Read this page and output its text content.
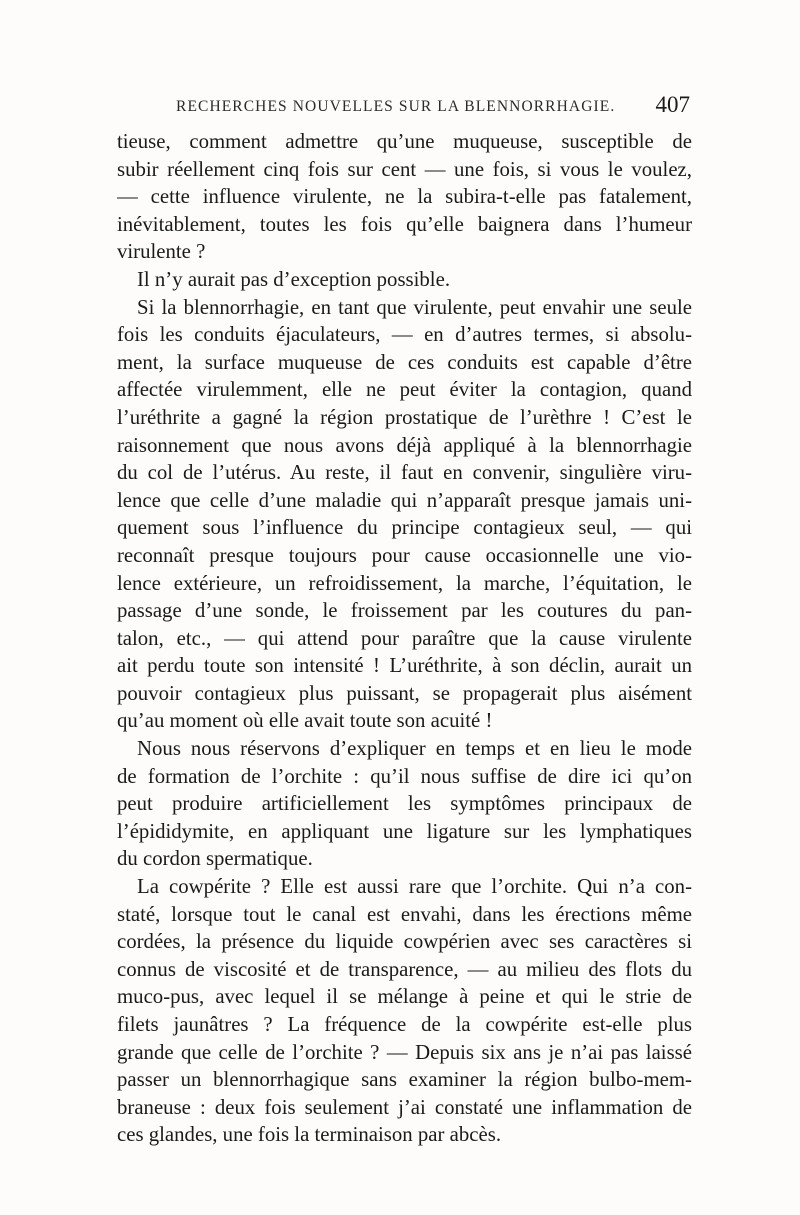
RECHERCHES NOUVELLES SUR LA BLENNORRHAGIE. 407
tieuse, comment admettre qu’une muqueuse, susceptible de
subir réellement cinq fois sur cent — une fois, si vous le voulez,
— cette influence virulente, ne la subira-t-elle pas fatalement,
inévitablement, toutes les fois qu’elle baignera dans l’humeur
virulente ?
Il n’y aurait pas d’exception possible.
Si la blennorrhagie, en tant que virulente, peut envahir une seule
fois les conduits éjaculateurs, — en d’autres termes, si absolu-
ment, la surface muqueuse de ces conduits est capable d’être
affectée virulemment, elle ne peut éviter la contagion, quand
l’uréthrite a gagné la région prostatique de l’urèthre ! C’est le
raisonnement que nous avons déjà appliqué à la blennorrhagie
du col de l’utérus. Au reste, il faut en convenir, singulière viru-
lence que celle d’une maladie qui n’apparaît presque jamais uni-
quement sous l’influence du principe contagieux seul, — qui
reconnaît presque toujours pour cause occasionnelle une vio-
lence extérieure, un refroidissement, la marche, l’équitation, le
passage d’une sonde, le froissement par les coutures du pan-
talon, etc., — qui attend pour paraître que la cause virulente
ait perdu toute son intensité ! L’uréthrite, à son déclin, aurait un
pouvoir contagieux plus puissant, se propagerait plus aisément
qu’au moment où elle avait toute son acuité !
Nous nous réservons d’expliquer en temps et en lieu le mode
de formation de l’orchite : qu’il nous suffise de dire ici qu’on
peut produire artificiellement les symptômes principaux de
l’épididymite, en appliquant une ligature sur les lymphatiques
du cordon spermatique.
La cowpérite ? Elle est aussi rare que l’orchite. Qui n’a con-
staté, lorsque tout le canal est envahi, dans les érections même
cordées, la présence du liquide cowpérien avec ses caractères si
connus de viscosité et de transparence, — au milieu des flots du
muco-pus, avec lequel il se mélange à peine et qui le strie de
filets jaunâtres ? La fréquence de la cowpérite est-elle plus
grande que celle de l’orchite ? — Depuis six ans je n’ai pas laissé
passer un blennorrhagique sans examiner la région bulbo-mem-
braneuse : deux fois seulement j’ai constaté une inflammation de
ces glandes, une fois la terminaison par abcès.
